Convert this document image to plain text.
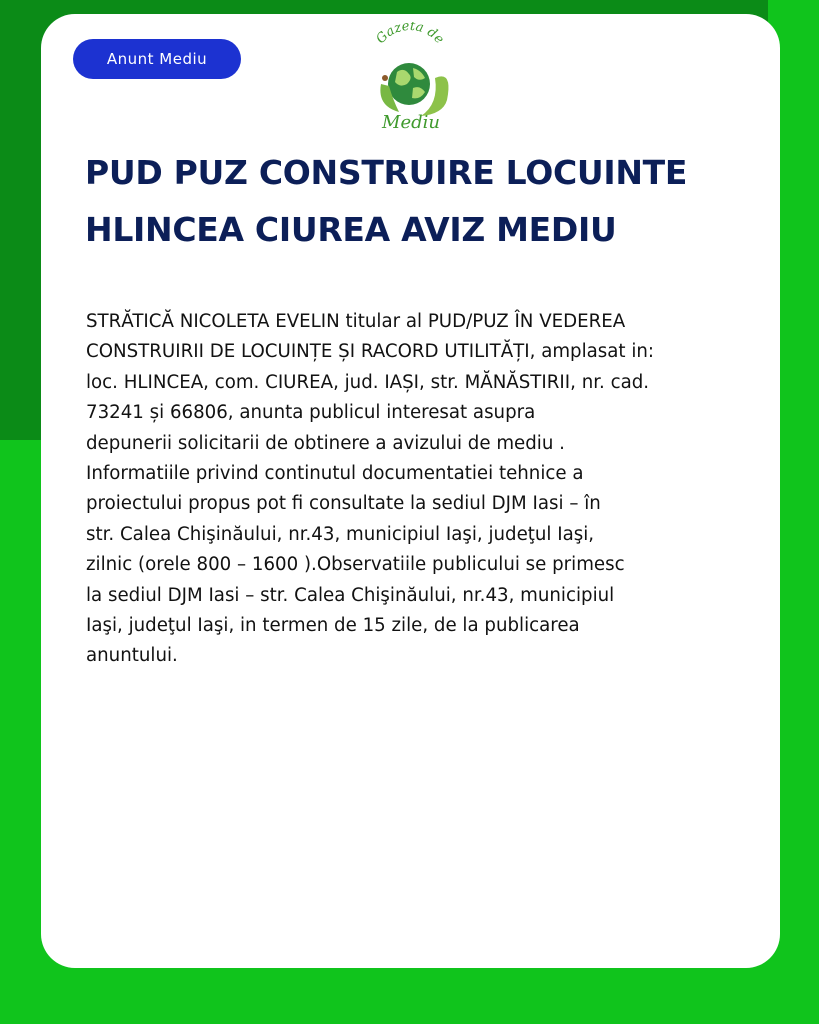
Anunt Mediu
Gazeta de
Mediu
PUD PUZ CONSTRUIRE LOCUINTE
HLINCEA CIUREA AVIZ MEDIU
STRĂTICĂ NICOLETA EVELIN titular al PUD/PUZ ÎN VEDEREA
CONSTRUIRII DE LOCUINȚE ȘI RACORD UTILITĂȚI, amplasat in:
loc. HLINCEA, com. CIUREA, jud. IAȘI, str. MĂNĂSTIRII, nr. cad.
73241 și 66806, anunta publicul interesat asupra
depunerii solicitarii de obtinere a avizului de mediu .
Informatiile privind continutul documentatiei tehnice a
proiectului propus pot fi consultate la sediul DJM Iasi – în
str. Calea Chişinăului, nr.43, municipiul Iaşi, judeţul Iaşi,
zilnic (orele 800 – 1600 ).Observatiile publicului se primesc
la sediul DJM Iasi – str. Calea Chişinăului, nr.43, municipiul
Iaşi, judeţul Iaşi, in termen de 15 zile, de la publicarea
anuntului.
